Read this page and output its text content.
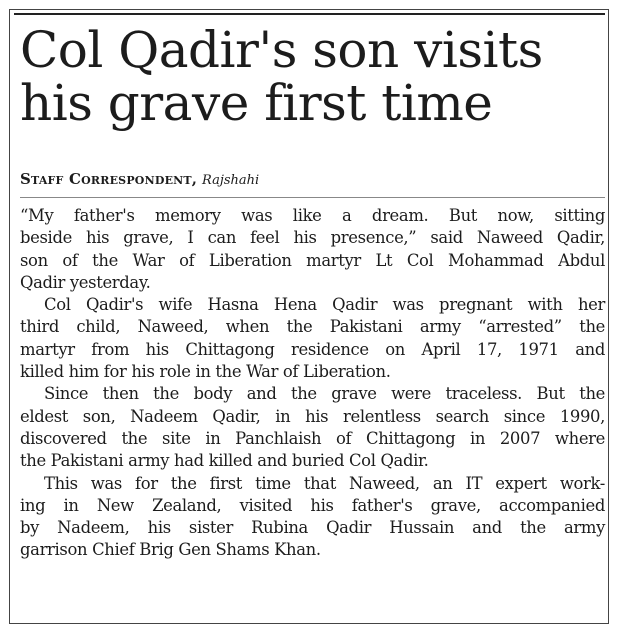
Col Qadir's son visits
his grave first time
Staff Correspondent, Rajshahi

“My father's memory was like a dream. But now, sitting
beside his grave, I can feel his presence,” said Naweed Qadir,
son of the War of Liberation martyr Lt Col Mohammad Abdul
Qadir yesterday.

Col Qadir's wife Hasna Hena Qadir was pregnant with her
third child, Naweed, when the Pakistani army “arrested” the
martyr from his Chittagong residence on April 17, 1971 and
killed him for his role in the War of Liberation.

Since then the body and the grave were traceless. But the
eldest son, Nadeem Qadir, in his relentless search since 1990,
discovered the site in Panchlaish of Chittagong in 2007 where
the Pakistani army had killed and buried Col Qadir.

This was for the first time that Naweed, an IT expert work-
ing in New Zealand, visited his father's grave, accompanied
by Nadeem, his sister Rubina Qadir Hussain and the army
garrison Chief Brig Gen Shams Khan.
